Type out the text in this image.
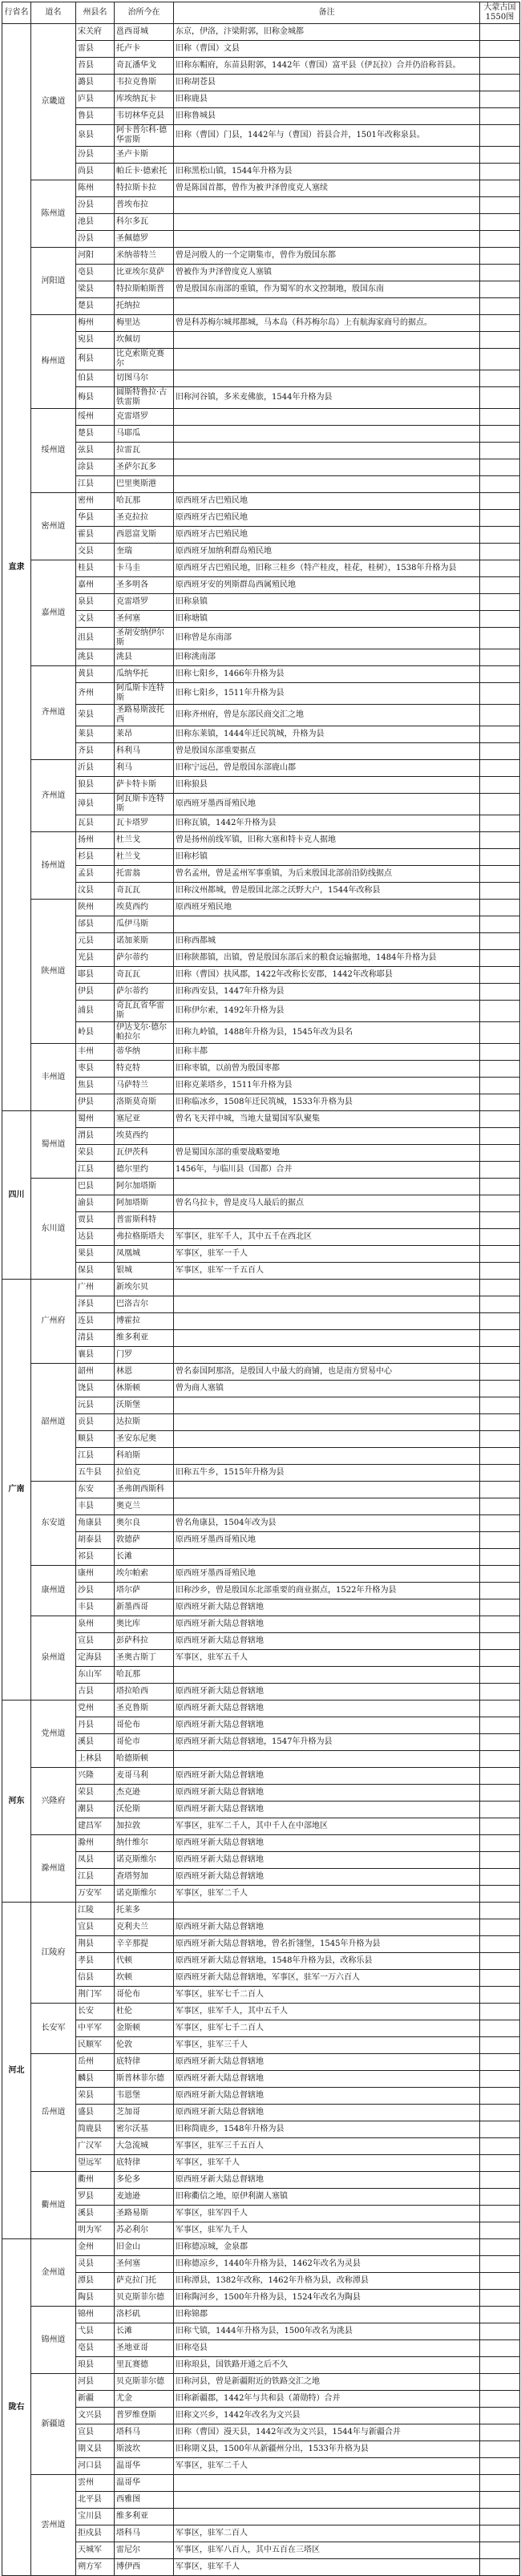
行省名	道名	州县名	治所今在	备注	大蒙古国1550图
直隶	京畿道	宋关府	邕西哥城	东京，伊洛，汴梁附郭，旧称金城都	
		雷县	托卢卡	旧称（曹国）文县	
		苔县	奇瓦潘华戈	旧称东帽府，东苗县附郭，1442年（曹国）富平县（伊瓦拉）合并仍沿称苔县。	
		潞县	韦拉克鲁斯	旧称胡苍县	
		庐县	库埃纳瓦卡	旧称鹿县	
		鲁县	韦切林华克县	旧称鲁城县	
		泉县	阿卡普尔科·德华雷斯	旧称（曹国）门县，1442年与（曹国）苔县合并，1501年改称泉县。	
		汾县	圣卢卡斯		
		尚县	帕丘卡·德索托	旧称黑松山镇，1544年升格为县	
	陈州道	陈州	特拉斯卡拉	曾是陈国首都，曾作为被尹泽曾度克人塞续	
		汾县	普埃布拉		
		池县	科尔多瓦		
		汾县	圣佩德罗		
	河阳道	河阳	米纳蒂特兰	曾是河殷人的一个定期集市，曾作为殷国东都	
		亳县	比亚埃尔莫萨	曾被作为尹泽曾度克人塞镇	
		梁县	特拉斯帕斯普	曾是殷国东南部的重镇，作为蜀军的水文控制地，殷国东南	
		楚县	托纳拉		
	梅州道	梅州	梅里达	曾是科苏梅尔城邦都城，马本岛（科苏梅尔岛）上有航海家商号的据点。	
		宛县	坎佩切		
		利县	比克索斯克赛尔		
		伯县	切图马尔		
		梅县	圆斯特鲁拉·古铁雷斯	旧称河谷镇，多米麦佛旅，1544年升格为县	
	绥州道	绥州	克雷塔罗		
		楚县	马耶瓜		
		弦县	拉雷瓦		
		涂县	圣萨尔瓦多		
		江县	巴里奥斯港		
	密州道	密州	哈瓦那	原西班牙古巴殖民地	
		华县	圣克拉拉	原西班牙古巴殖民地	
		霍县	西恩富戈斯	原西班牙古巴殖民地	
		交县	奎瑞	原西班牙加纳利群岛殖民地	
	嘉州道	桂县	卡马圭	原西班牙古巴殖民地，旧称三桂乡（特产桂皮，桂花，桂树），1538年升格为县	
		嘉州	圣多明各	原西班牙安的列斯群岛西属殖民地	
		泉县	克雷塔罗	旧称泉镇	
		文县	圣何塞	旧称塘镇	
		沮县	圣胡安纳伊尔斯	旧称曾是东南部	
		洮县	洮县	旧称洮南部	
	齐州道	黄县	瓜纳华托	旧称七阳乡，1466年升格为县	
		齐州	阿瓜斯卡连特斯	旧称七阳乡，1511年升格为县	
		荣县	圣路易斯波托西	旧称齐州府，曾是东部民商交汇之地	
		莱县	莱昂	旧称东莱镇，1444年迁民筑城，升格为县	
		齐县	科利马	曾是殷国东部重要据点	
	齐州道	沂县	利马	旧称宁远邑，曾是殷国东部鹿山郡	
		狼县	萨卡特卡斯	旧称狼县	
		漳县	阿瓦斯卡连特斯	原西班牙墨西哥殖民地	
		瓦县	瓦卡塔罗	旧称瓦镇，1442年升格为县	
	扬州道	扬州	杜兰戈	曾是扬州前线军镇，旧称大塞和特卡克人据地	
		杉县	杜兰戈	旧称杉镇	
		孟县	托雷翁	曾名孟州，曾是孟州军事重镇，为后来殷国北部前沿防线据点	
		汶县	奇瓦瓦	旧称汶州都城，曾是殷国北部之沃野大户，1544年改称县	
	陕州道	陕州	埃莫西约	原西班牙殖民地	
		邰县	瓜伊马斯		
		元县	诺加莱斯	旧称西都城	
		光县	萨尔蒂约	旧称陕都镇，出镇，曾是殷国东部后来的粮食运输据地，1484年升格为县	
		耶县	奇瓦瓦	旧称（曹国）扶风郡，1422年改称长安郡，1442年改称耶县	
		伊县	萨尔蒂约	旧称西安县，1447年升格为县	
		浦县	奇瓦瓦省华雷斯	旧称伊尔索，1492年升格为县	
		岭县	伊达戈尔·德尔帕拉尔	旧称九岭镇，1488年升格为县，1545年改为县名	
	丰州道	丰州	蒂华纳	旧称丰都	
		枣县	特克特	旧称枣镇，以前曾为殷国枣都	
		焦县	马萨特兰	旧称克莱塔乡，1511年升格为县	
		伊县	洛斯莫奇斯	旧称临冰乡，1508年迁民筑城，1533年升格为县	
四川	蜀州道	蜀州	塞尼亚	曾名飞天祥中城，当地大量蜀国军队聚集	
		渭县	埃莫西约		
		荣县	瓦伊茨科	曾是蜀国东部的重要战略要地	
		江县	德尔里约	1456年，与临川县（国都）合并	
	东川道	巴县	阿尔加塔斯		
		渝县	阿加塔斯	曾名乌拉卡，曾是皮马人最后的据点	
		贾县	普雷斯科特		
		达县	弗拉格斯塔夫	军事区，驻军千人，其中五千在西北区	
		果县	凤凰城	军事区，驻军一千人	
		保县	银城	军事区，驻军一千五百人	
广南	广州府	广州	新埃尔贝		
		泽县	巴洛吉尔		
		连县	博霍拉		
		清县	维多利亚		
		襄县	门罗		
	韶州道	韶州	林恩	曾名泰国阿那洛，是殷国人中最大的商铺，也是南方贸易中心	
		饶县	休斯顿	曾为商人塞镇	
		沅县	沃斯堡		
		贡县	达拉斯		
		顺县	圣安东尼奥		
		江县	科珀斯		
		五牛县	拉伯克	旧称五牛乡，1515年升格为县	
	东安道	东安	圣弗朗西斯科		
		丰县	奥克兰		
		角康县	奥尔良	曾名角康县，1504年改为县	
		胡泰县	敦德萨	原西班牙墨西哥殖民地	
		祁县	长滩		
	康州道	康州	埃尔帕索	原西班牙墨西哥殖民地	
		沙县	塔尔萨	旧称沙乡，曾是殷国东北部重要的商业据点，1522年升格为县	
		丰县	新墨西哥	原西班牙新大陆总督辖地	
	泉州道	泉州	奥比库	原西班牙新大陆总督辖地	
		宣县	彭萨科拉	原西班牙新大陆总督辖地	
		定海县	圣奥古斯丁	军事区，驻军五千人	
		东山军	哈瓦那		
		古县	塔拉哈西	原西班牙新大陆总督辖地	
河东	党州道	党州	圣克鲁斯	原西班牙新大陆总督辖地	
		丹县	哥伦布	原西班牙新大陆总督辖地	
		溪县	哥伦市	原西班牙新大陆总督辖地，1547年升格为县	
		上林县	哈德斯顿		
	兴隆府	兴隆	麦哥马利	原西班牙新大陆总督辖地	
		荣县	杰克逊	原西班牙新大陆总督辖地	
		潮县	沃伦斯	原西班牙新大陆总督辖地	
		建昌军	加拉敦	军事区，驻军二千人，其中千人在中部地区	
	滁州道	滁州	纳什维尔	原西班牙新大陆总督辖地	
		凤县	诺克斯维尔	原西班牙新大陆总督辖地	
		江县	查塔努加	原西班牙新大陆总督辖地	
		万安军	诺克斯维尔	军事区，驻军二千人	
河北	江陵府	江陵	托莱多		
		宜县	克利夫兰	原西班牙新大陆总督辖地	
		荆县	辛辛那提	原西班牙新大陆总督辖地，曾名折翎堡，1545年升格为县	
		孝县	代顿	原西班牙新大陆总督辖地，1548年升格为县，改称乐县	
		信县	坎顿	原西班牙新大陆总督辖地，军事区，驻军一万六百人	
		荆门军	哥伦布	军事区，驻军七千二百人	
	长安军	长安	杜伦	军事区，驻军千人，其中五千人	
		中平军	金斯顿	军事区，驻军七千二百人	
		民顺军	伦敦	军事区，驻军三千人	
	岳州道	岳州	底特律	原西班牙新大陆总督辖地	
		麟县	斯普林菲尔德	原西班牙新大陆总督辖地	
		荣县	韦恩堡	原西班牙新大陆总督辖地	
		盛县	芝加哥	原西班牙新大陆总督辖地	
		简鹿县	密尔沃基	旧称简鹿乡，1548年升格为县	
		广汉军	大急流城	军事区，驻军三千五百人	
		望远军	底特律	军事区，驻军千人	
	衢州道	衢州	多伦多	原西班牙新大陆总督辖地	
		罗县	麦迪逊	旧称衢信之地，原伊利湖人塞镇	
		溪县	圣路易斯	军事区，驻军四千人	
		明为军	苏必利尔	军事区，驻军九千人	
陇右	金州道	金州	旧金山	旧称德凉城，金泉郡	
		灵县	圣何塞	旧称德凉乡，1440年升格为县，1462年改名为灵县	
		潭县	萨克拉门托	旧称潭县，1382年改称，1462年升格为县，改称潭县	
		陶县	贝克斯菲尔德	旧称陶河乡，1500年升格为县，1524年改名为陶县	
	锦州道	锦州	洛杉矶	旧称锦郡	
		弋县	长滩	旧称弋镇，1444年升格为县，1500年改名为洮县	
		亳县	圣地亚哥	旧称亳县	
		琅县	里瓦赛德	旧称琅县，国铁路开通之后不久	
	新疆道	河县	贝克斯菲尔德	旧称河县，曾是新疆附近的铁路交汇之地	
		新疆	尤金	旧称新疆郡，1442年与共和县（萧勋特）合并	
		文兴县	普罗维登斯	旧称文兴乡，1442年改名为文兴县	
		宣县	塔科马	旧称（曹国）漫天县，1442年改为文兴县，1544年与新疆合并	
		期义县	斯波坎	旧称期义县，1500年从新疆州分出，1533年升格为县	
		河口县	温哥华	军事区，驻军二千人	
	雲州道	雲州	温哥华		
		北平县	西雅图		
		宝川县	维多利亚		
		拒戍县	塔科马	军事区，驻军二百人	
		天城军	雷尼尔	军事区，驻军八百人，其中五百在三塔区	
		朔方军	博伊西	军事区，驻军千人	
